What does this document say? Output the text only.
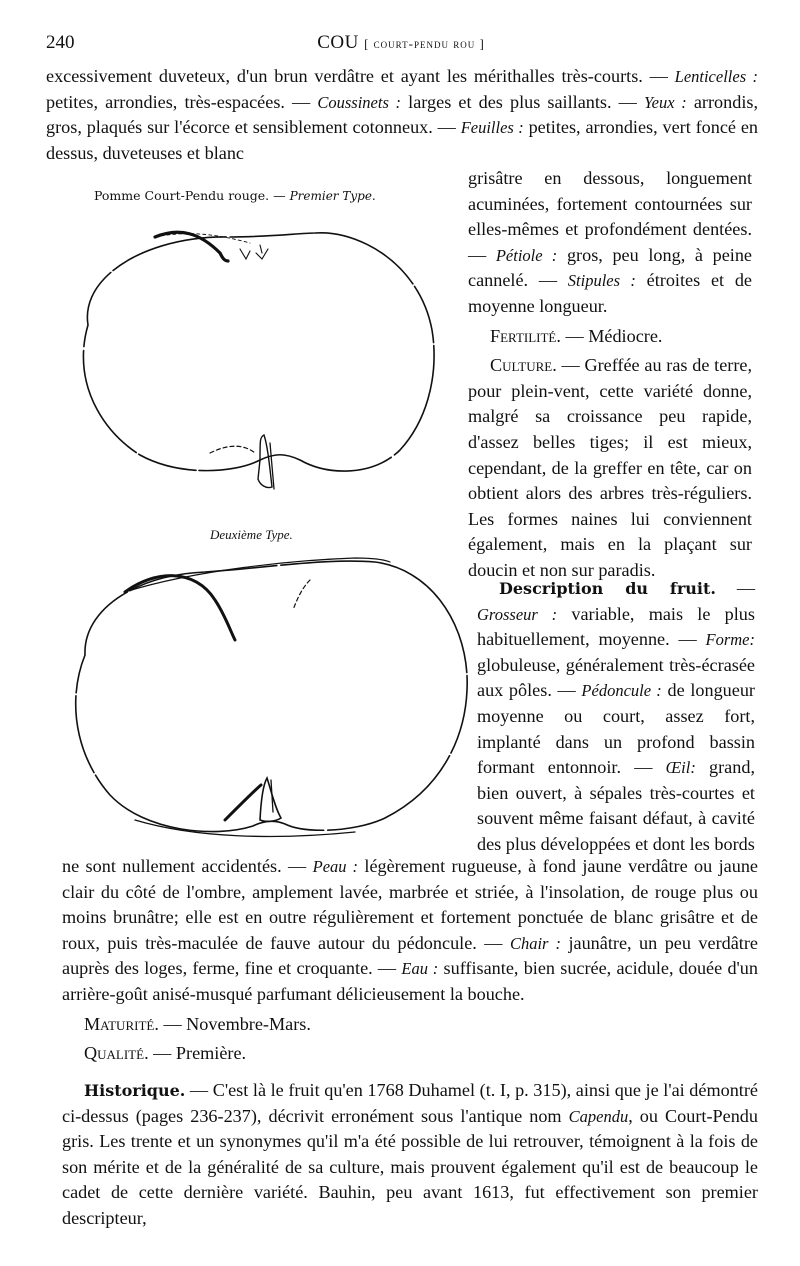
240	COU [ court-pendu rou ]

excessivement duveteux, d'un brun verdâtre et ayant les mérithalles très-courts. — Lenticelles : petites, arrondies, très-espacées. — Coussinets : larges et des plus saillants. — Yeux : arrondis, gros, plaqués sur l'écorce et sensiblement cotonneux. — Feuilles : petites, arrondies, vert foncé en dessus, duveteuses et blanc

Pomme Court-Pendu rouge. — Premier Type.
Deuxième Type.

grisâtre en dessous, longuement acuminées, fortement contournées sur elles-mêmes et profondément dentées. — Pétiole : gros, peu long, à peine cannelé. — Stipules : étroites et de moyenne longueur.

Fertilité. — Médiocre.

Culture. — Greffée au ras de terre, pour plein-vent, cette variété donne, malgré sa croissance peu rapide, d'assez belles tiges; il est mieux, cependant, de la greffer en tête, car on obtient alors des arbres très-réguliers. Les formes naines lui conviennent également, mais en la plaçant sur doucin et non sur paradis.

Description du fruit. — Grosseur : variable, mais le plus habituellement, moyenne. — Forme: globuleuse, généralement très-écrasée aux pôles. — Pédoncule : de longueur moyenne ou court, assez fort, implanté dans un profond bassin formant entonnoir. — Œil: grand, bien ouvert, à sépales très-courtes et souvent même faisant défaut, à cavité des plus développées et dont les bords

ne sont nullement accidentés. — Peau : légèrement rugueuse, à fond jaune verdâtre ou jaune clair du côté de l'ombre, amplement lavée, marbrée et striée, à l'insolation, de rouge plus ou moins brunâtre; elle est en outre régulièrement et fortement ponctuée de blanc grisâtre et de roux, puis très-maculée de fauve autour du pédoncule. — Chair : jaunâtre, un peu verdâtre auprès des loges, ferme, fine et croquante. — Eau : suffisante, bien sucrée, acidule, douée d'un arrière-goût anisé-musqué parfumant délicieusement la bouche.

Maturité. — Novembre-Mars.

Qualité. — Première.

Historique. — C'est là le fruit qu'en 1768 Duhamel (t. I, p. 315), ainsi que je l'ai démontré ci-dessus (pages 236-237), décrivit erronément sous l'antique nom Capendu, ou Court-Pendu gris. Les trente et un synonymes qu'il m'a été possible de lui retrouver, témoignent à la fois de son mérite et de la généralité de sa culture, mais prouvent également qu'il est de beaucoup le cadet de cette dernière variété. Bauhin, peu avant 1613, fut effectivement son premier descripteur,
